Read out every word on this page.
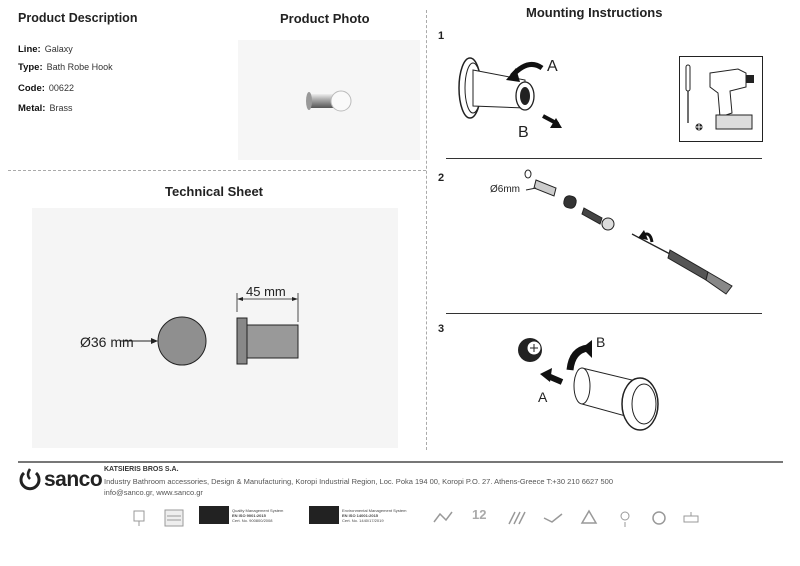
Product Description
Line: Galaxy
Type: Bath Robe Hook
Code: 00622
Metal: Brass
Product Photo
Technical Sheet
Ø36 mm
45 mm
Mounting Instructions
1
A
B
2
Ø6mm
3
B
A
sanco KATSIERIS BROS S.A.
Industry Bathroom accessories, Design & Manufacturing, Koropi Industrial Region, Loc. Poka 194 00, Koropi P.O. 27. Athens-Greece T:+30 210 6627 500
info@sanco.gr, www.sanco.gr
Quality Management System
EN ISO 9001:2015
Cert. No. 900800/2008
Environmental Management System
EN ISO 14001:2015
Cert. No. 1440/17/2019	12
